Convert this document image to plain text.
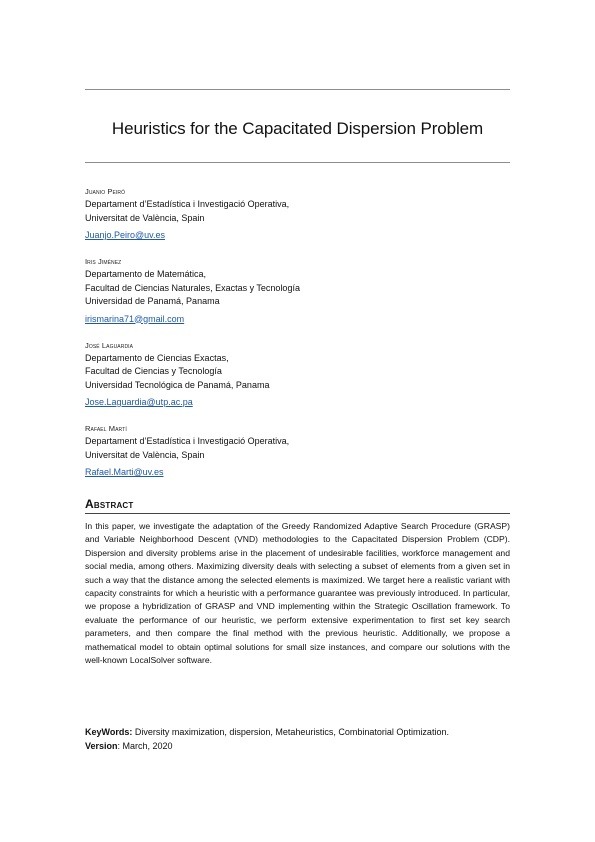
Heuristics for the Capacitated Dispersion Problem
Juanio Peiró
Departament d’Estadística i Investigació Operativa,
Universitat de València, Spain
Juanjo.Peiro@uv.es
Iris Jiménez
Departamento de Matemática,
Facultad de Ciencias Naturales, Exactas y Tecnología
Universidad de Panamá, Panama
irismarina71@gmail.com
José Laguardia
Departamento de Ciencias Exactas,
Facultad de Ciencias y Tecnología
Universidad Tecnológica de Panamá, Panama
Jose.Laguardia@utp.ac.pa
Rafael Martí
Departament d’Estadística i Investigació Operativa,
Universitat de València, Spain
Rafael.Marti@uv.es
Abstract
In this paper, we investigate the adaptation of the Greedy Randomized Adaptive Search Procedure (GRASP) and Variable Neighborhood Descent (VND) methodologies to the Capacitated Dispersion Problem (CDP). Dispersion and diversity problems arise in the placement of undesirable facilities, workforce management and social media, among others. Maximizing diversity deals with selecting a subset of elements from a given set in such a way that the distance among the selected elements is maximized. We target here a realistic variant with capacity constraints for which a heuristic with a performance guarantee was previously introduced. In particular, we propose a hybridization of GRASP and VND implementing within the Strategic Oscillation framework. To evaluate the performance of our heuristic, we perform extensive experimentation to first set key search parameters, and then compare the final method with the previous heuristic. Additionally, we propose a mathematical model to obtain optimal solutions for small size instances, and compare our solutions with the well-known LocalSolver software.
KeyWords: Diversity maximization, dispersion, Metaheuristics, Combinatorial Optimization.
Version: March, 2020
